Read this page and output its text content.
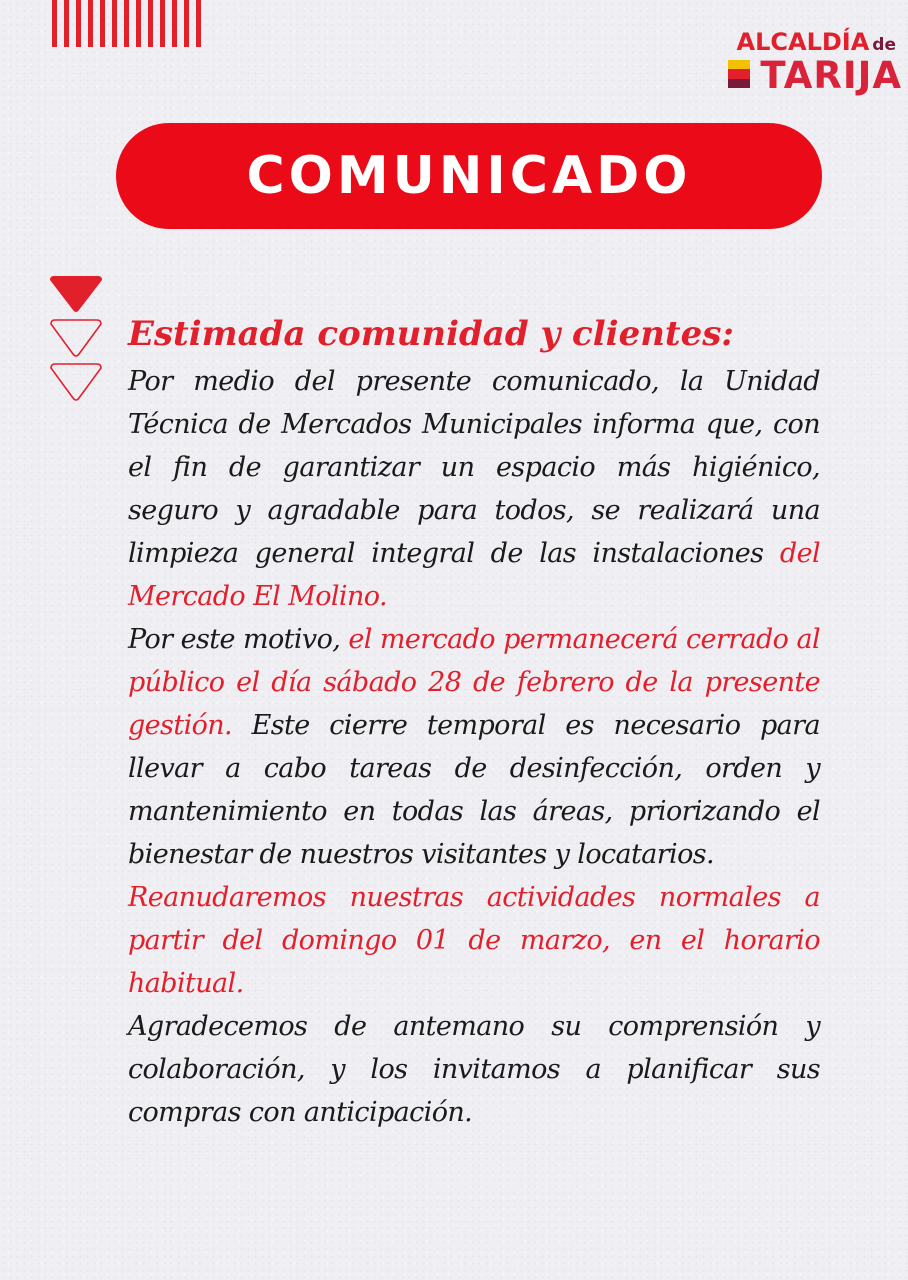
ALCALDÍA de
TARIJA
COMUNICADO
Estimada comunidad y clientes:

Por medio del presente comunicado, la Unidad Técnica de Mercados Municipales informa que, con el fin de garantizar un espacio más higiénico, seguro y agradable para todos, se realizará una limpieza general integral de las instalaciones del Mercado El Molino.

Por este motivo, el mercado permanecerá cerrado al público el día sábado 28 de febrero de la presente gestión. Este cierre temporal es necesario para llevar a cabo tareas de desinfección, orden y mantenimiento en todas las áreas, priorizando el bienestar de nuestros visitantes y locatarios.

Reanudaremos nuestras actividades normales a partir del domingo 01 de marzo, en el horario habitual.

Agradecemos de antemano su comprensión y colaboración, y los invitamos a planificar sus compras con anticipación.
